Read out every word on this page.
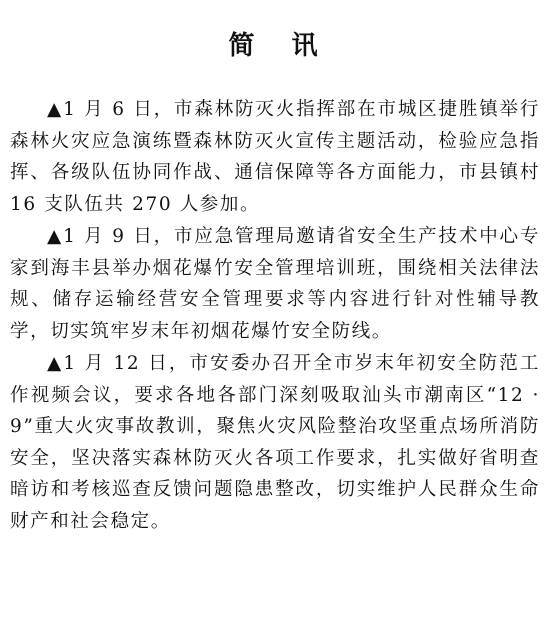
简 讯

▲1 月 6 日，市森林防灭火指挥部在市城区捷胜镇举行森林火灾应急演练暨森林防灭火宣传主题活动，检验应急指挥、各级队伍协同作战、通信保障等各方面能力，市县镇村 16 支队伍共 270 人参加。

▲1 月 9 日，市应急管理局邀请省安全生产技术中心专家到海丰县举办烟花爆竹安全管理培训班，围绕相关法律法规、储存运输经营安全管理要求等内容进行针对性辅导教学，切实筑牢岁末年初烟花爆竹安全防线。

▲1 月 12 日，市安委办召开全市岁末年初安全防范工作视频会议，要求各地各部门深刻吸取汕头市潮南区“12 · 9”重大火灾事故教训，聚焦火灾风险整治攻坚重点场所消防安全，坚决落实森林防灭火各项工作要求，扎实做好省明查暗访和考核巡查反馈问题隐患整改，切实维护人民群众生命财产和社会稳定。
